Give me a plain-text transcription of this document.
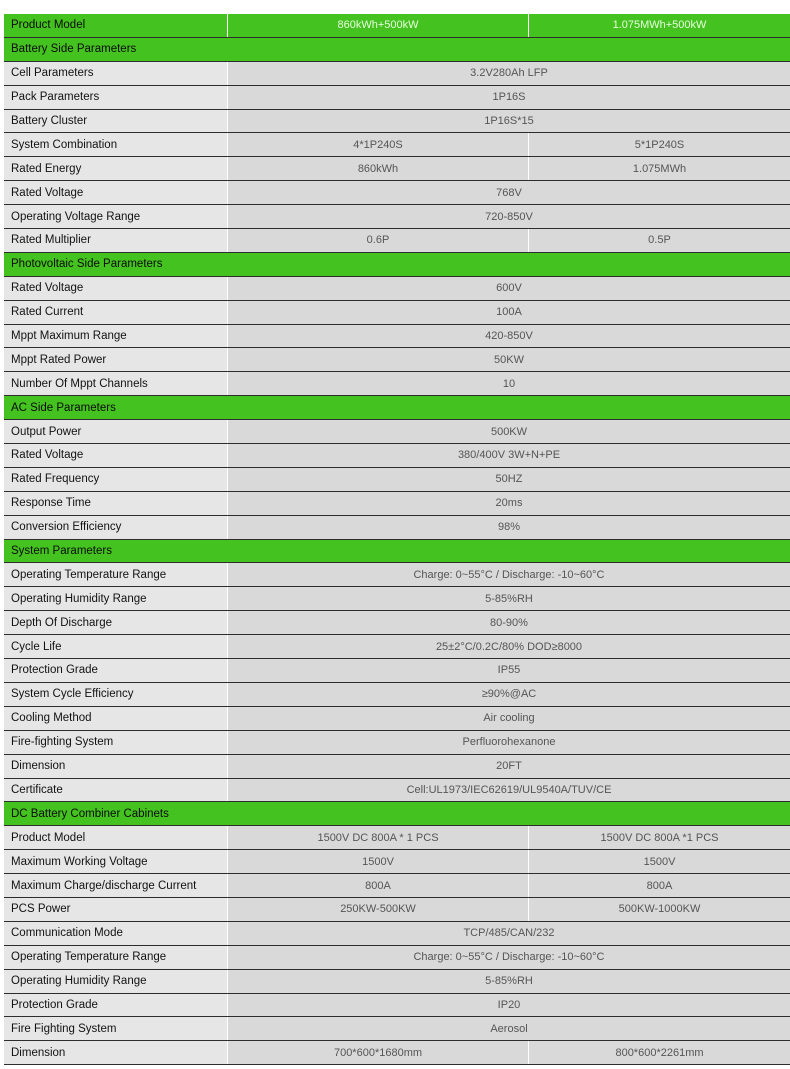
Product Model	860kWh+500kW	1.075MWh+500kW
Battery Side Parameters
Cell Parameters	3.2V280Ah LFP
Pack Parameters	1P16S
Battery Cluster	1P16S*15
System Combination	4*1P240S	5*1P240S
Rated Energy	860kWh	1.075MWh
Rated Voltage	768V
Operating Voltage Range	720-850V
Rated Multiplier	0.6P	0.5P
Photovoltaic Side Parameters
Rated Voltage	600V
Rated Current	100A
Mppt Maximum Range	420-850V
Mppt Rated Power	50KW
Number Of Mppt Channels	10
AC Side Parameters
Output Power	500KW
Rated Voltage	380/400V 3W+N+PE
Rated Frequency	50HZ
Response Time	20ms
Conversion Efficiency	98%
System Parameters
Operating Temperature Range	Charge: 0~55°C / Discharge: -10~60°C
Operating Humidity Range	5-85%RH
Depth Of Discharge	80-90%
Cycle Life	25±2°C/0.2C/80% DOD≥8000
Protection Grade	IP55
System Cycle Efficiency	≥90%@AC
Cooling Method	Air cooling
Fire-fighting System	Perfluorohexanone
Dimension	20FT
Certificate	Cell:UL1973/IEC62619/UL9540A/TUV/CE
DC Battery Combiner Cabinets
Product Model	1500V DC 800A * 1 PCS	1500V DC 800A *1 PCS
Maximum Working Voltage	1500V	1500V
Maximum Charge/discharge Current	800A	800A
PCS Power	250KW-500KW	500KW-1000KW
Communication Mode	TCP/485/CAN/232
Operating Temperature Range	Charge: 0~55°C / Discharge: -10~60°C
Operating Humidity Range	5-85%RH
Protection Grade	IP20
Fire Fighting System	Aerosol
Dimension	700*600*1680mm	800*600*2261mm
